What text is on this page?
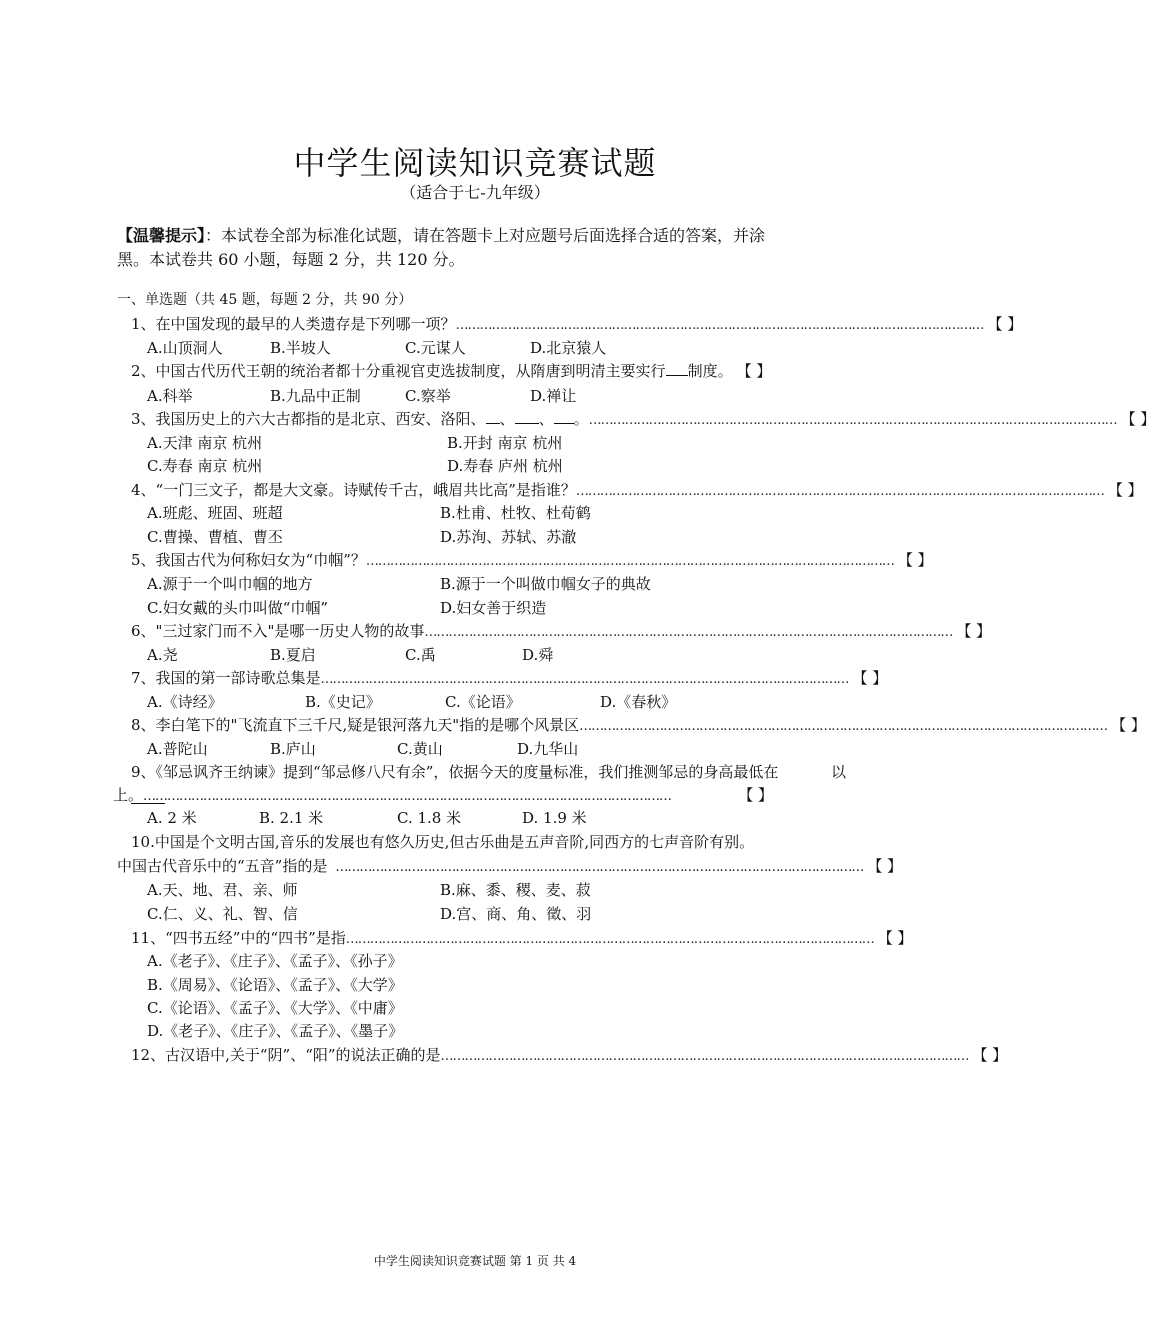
中学生阅读知识竞赛试题
（适合于七-九年级）
【温馨提示】：本试卷全部为标准化试题，请在答题卡上对应题号后面选择合适的答案，并涂
黑。本试卷共 60 小题，每题 2 分，共 120 分。
一、单选题（共 45 题，每题 2 分，共 90 分）
1、在中国发现的最早的人类遗存是下列哪一项？ …………………………………………………………………………………………………………………… 【 】
A.山顶洞人	B.半坡人	C.元谋人	D.北京猿人
2、中国古代历代王朝的统治者都十分重视官吏选拔制度，从隋唐到明清主要实行 制度。 【 】
A.科举	B.九品中正制	C.察举	D.禅让
3、我国历史上的六大古都指的是北京、西安、洛阳、 、 、 。 …………………………………………………………………………………………………………………… 【 】
A.天津 南京 杭州	B.开封 南京 杭州
C.寿春 南京 杭州	D.寿春 庐州 杭州
4、“一门三文子，都是大文豪。诗赋传千古，峨眉共比高”是指谁？ …………………………………………………………………………………………………………………… 【 】
A.班彪、班固、班超	B.杜甫、杜牧、杜荀鹤
C.曹操、曹植、曹丕	D.苏洵、苏轼、苏澈
5、我国古代为何称妇女为“巾帼”？ …………………………………………………………………………………………………………………… 【 】
A.源于一个叫巾帼的地方	B.源于一个叫做巾帼女子的典故
C.妇女戴的头巾叫做“巾帼”	D.妇女善于织造
6、"三过家门而不入"是哪一历史人物的故事 …………………………………………………………………………………………………………………… 【 】
A.尧	B.夏启	C.禹	D.舜
7、我国的第一部诗歌总集是 …………………………………………………………………………………………………………………… 【 】
A.《诗经》	B.《史记》	C.《论语》	D.《春秋》
8、李白笔下的"飞流直下三千尺,疑是银河落九天"指的是哪个风景区 …………………………………………………………………………………………………………………… 【 】
A.普陀山	B.庐山	C.黄山	D.九华山
9、《邹忌讽齐王纳谏》提到“邹忌修八尺有余”，依据今天的度量标准，我们推测邹忌的身高最低在	以
上。 ……………………………………………………………………………………………………………………	【 】
A. 2 米	B. 2.1 米	C. 1.8 米	D. 1.9 米
10.中国是个文明古国,音乐的发展也有悠久历史,但古乐曲是五声音阶,同西方的七声音阶有别。
中国古代音乐中的“五音”指的是 …………………………………………………………………………………………………………………… 【 】
A.天、地、君、亲、师	B.麻、黍、稷、麦、菽
C.仁、义、礼、智、信	D.宫、商、角、徵、羽
11、“四书五经”中的“四书”是指 …………………………………………………………………………………………………………………… 【 】
A.《老子》、《庄子》、《孟子》、《孙子》
B.《周易》、《论语》、《孟子》、《大学》
C.《论语》、《孟子》、《大学》、《中庸》
D.《老子》、《庄子》、《孟子》、《墨子》
12、古汉语中,关于“阴”、“阳”的说法正确的是 …………………………………………………………………………………………………………………… 【 】
中学生阅读知识竞赛试题 第 1 页 共 4
